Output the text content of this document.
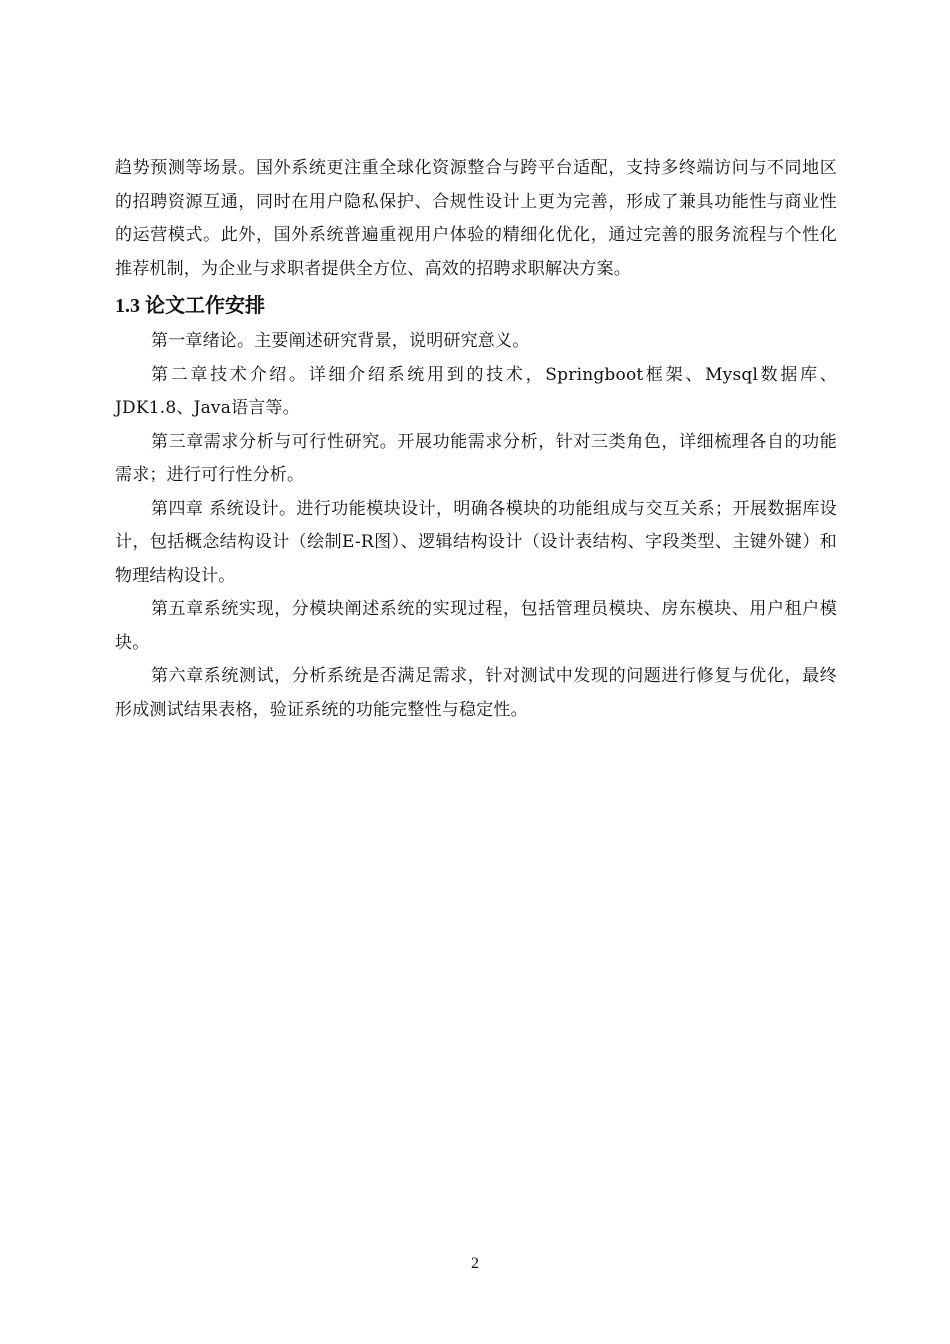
趋势预测等场景。国外系统更注重全球化资源整合与跨平台适配，支持多终端访问与不同地区的招聘资源互通，同时在用户隐私保护、合规性设计上更为完善，形成了兼具功能性与商业性的运营模式。此外，国外系统普遍重视用户体验的精细化优化，通过完善的服务流程与个性化推荐机制，为企业与求职者提供全方位、高效的招聘求职解决方案。

1.3 论文工作安排

第一章绪论。主要阐述研究背景，说明研究意义。

第二章技术介绍。详细介绍系统用到的技术，Springboot框架、Mysql数据库、JDK1.8、Java语言等。

第三章需求分析与可行性研究。开展功能需求分析，针对三类角色，详细梳理各自的功能需求；进行可行性分析。

第四章 系统设计。进行功能模块设计，明确各模块的功能组成与交互关系；开展数据库设计，包括概念结构设计（绘制E-R图）、逻辑结构设计（设计表结构、字段类型、主键外键）和物理结构设计。

第五章系统实现，分模块阐述系统的实现过程，包括管理员模块、房东模块、用户租户模块。

第六章系统测试，分析系统是否满足需求，针对测试中发现的问题进行修复与优化，最终形成测试结果表格，验证系统的功能完整性与稳定性。

2
